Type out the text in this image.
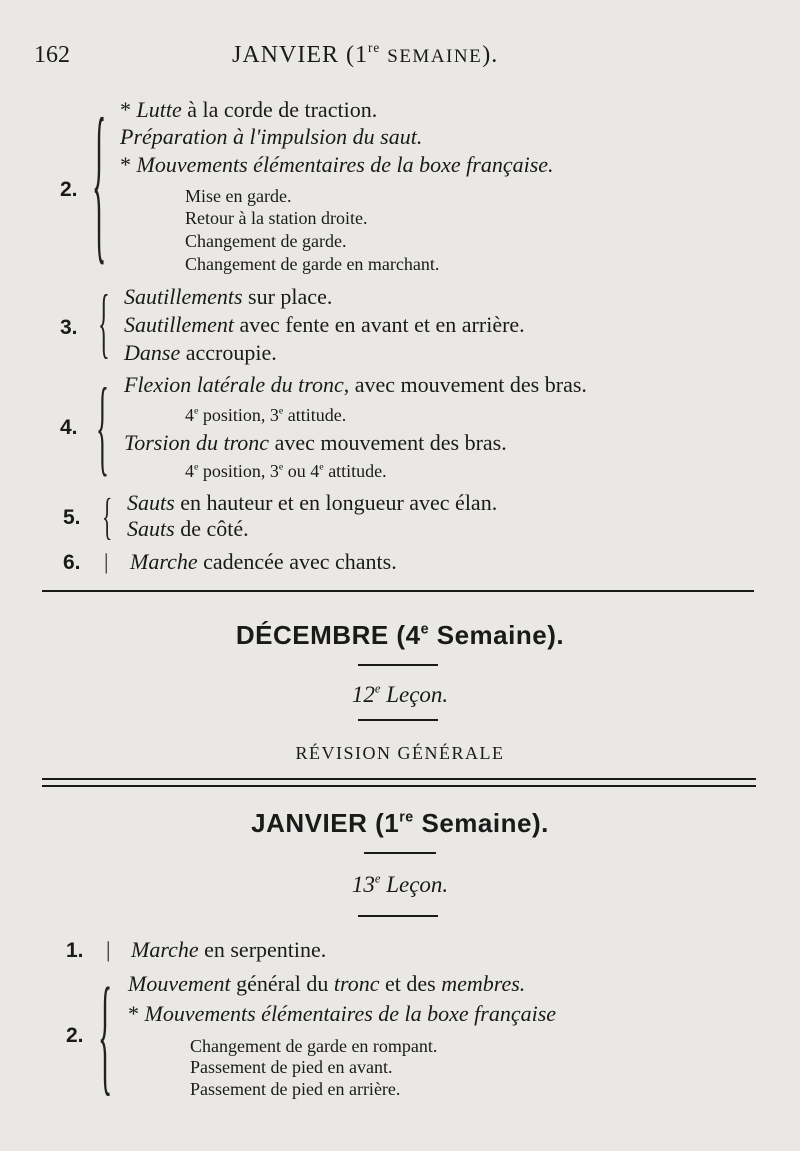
162	JANVIER (1re SEMAINE).
{
2.
* Lutte à la corde de traction.
Préparation à l'impulsion du saut.
* Mouvements élémentaires de la boxe française.
Mise en garde.
Retour à la station droite.
Changement de garde.
Changement de garde en marchant.
{
3.
Sautillements sur place.
Sautillement avec fente en avant et en arrière.
Danse accroupie.
{
4.
Flexion latérale du tronc, avec mouvement des bras.
4e position, 3e attitude.
Torsion du tronc avec mouvement des bras.
4e position, 3e ou 4e attitude.
{
5.
Sauts en hauteur et en longueur avec élan.
Sauts de côté.
6. | Marche cadencée avec chants.
DÉCEMBRE (4e Semaine).
12e Leçon.
RÉVISION GÉNÉRALE
JANVIER (1re Semaine).
13e Leçon.
1. | Marche en serpentine.
{
2.
Mouvement général du tronc et des membres.
* Mouvements élémentaires de la boxe française
Changement de garde en rompant.
Passement de pied en avant.
Passement de pied en arrière.
